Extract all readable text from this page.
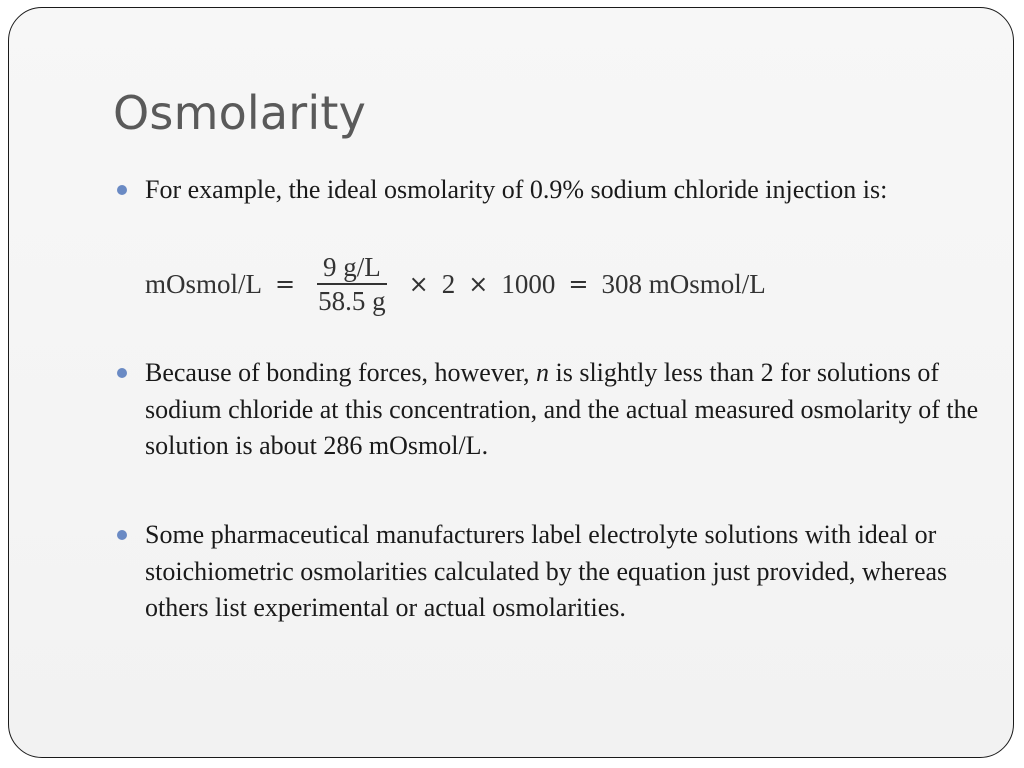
Osmolarity
For example, the ideal osmolarity of 0.9% sodium chloride injection is:
mOsmol/L = $\frac{9 g/L}{58.5 g} \times 2 \times 1000 = 308$ mOsmol/L
Because of bonding forces, however, n is slightly less than 2 for solutions of sodium chloride at this concentration, and the actual measured osmolarity of the solution is about 286 mOsmol/L.
Some pharmaceutical manufacturers label electrolyte solutions with ideal or stoichiometric osmolarities calculated by the equation just provided, whereas others list experimental or actual osmolarities.
